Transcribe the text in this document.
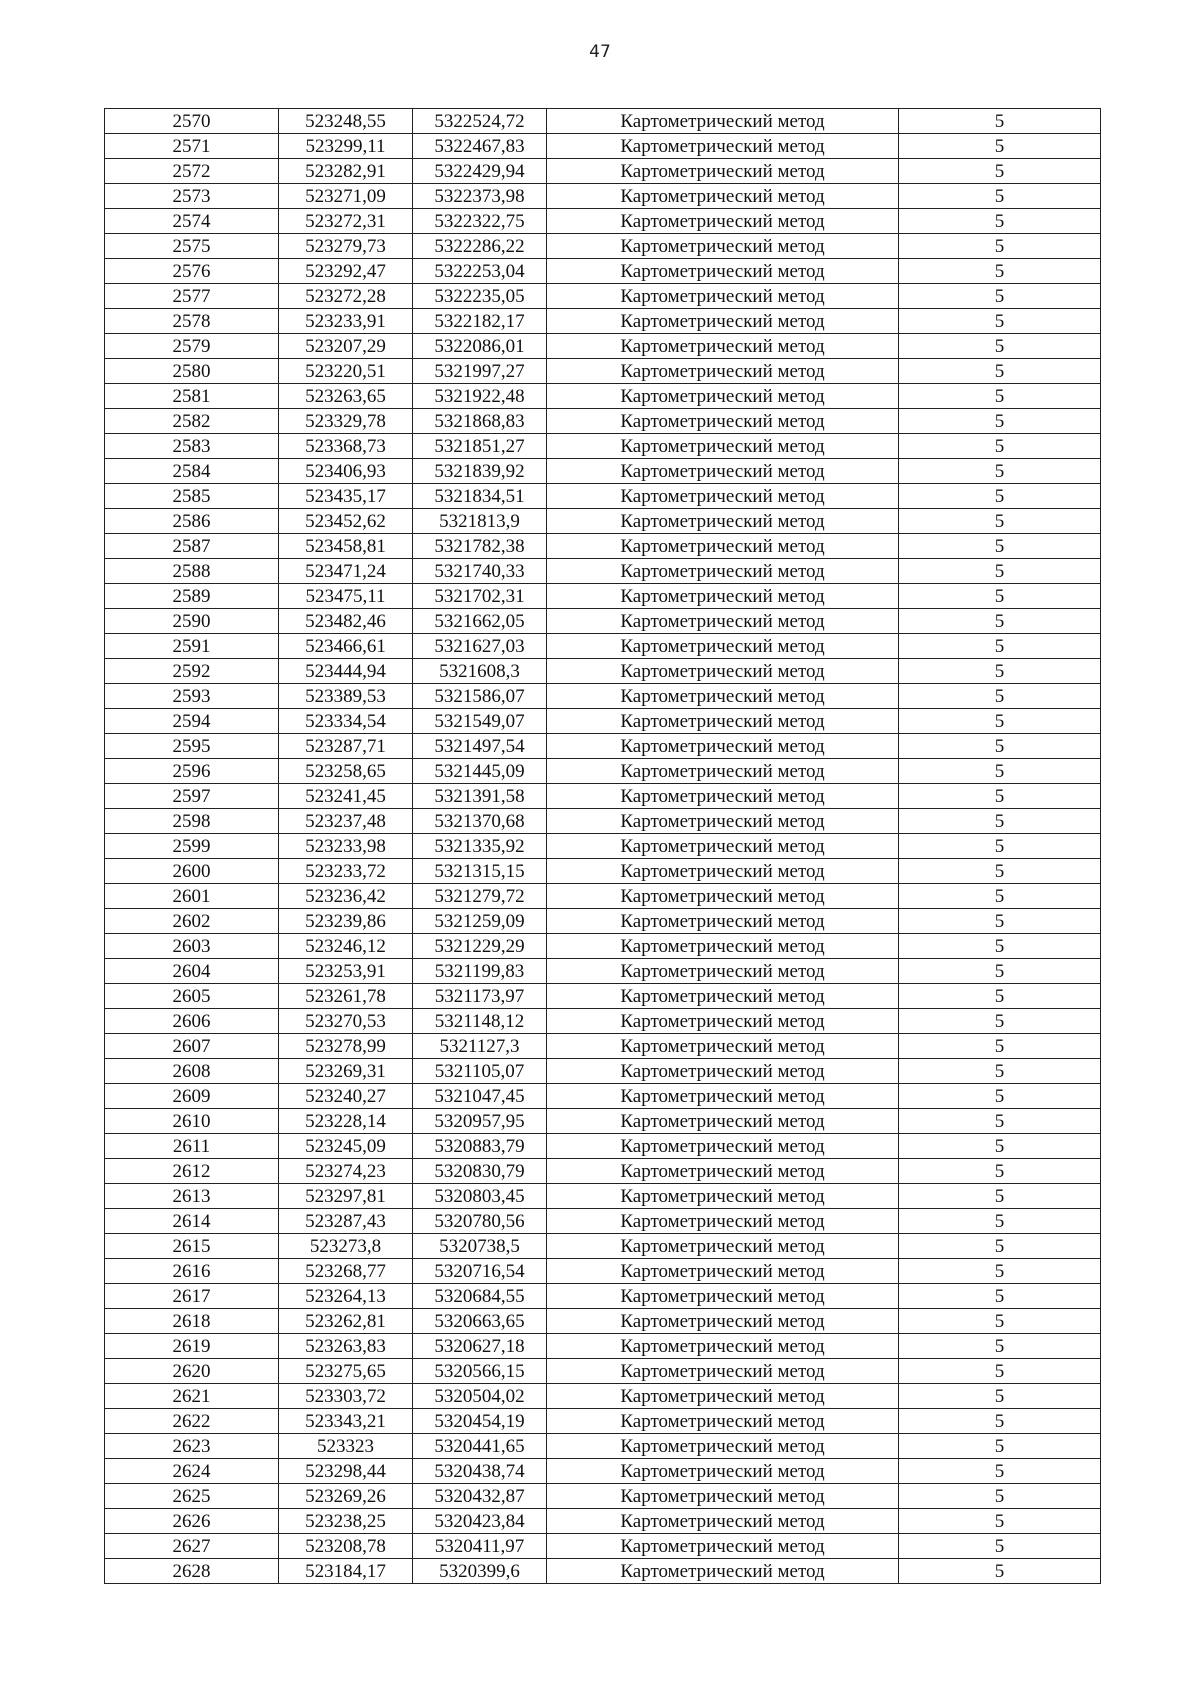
47
2570	523248,55	5322524,72	Картометрический метод	5
2571	523299,11	5322467,83	Картометрический метод	5
2572	523282,91	5322429,94	Картометрический метод	5
2573	523271,09	5322373,98	Картометрический метод	5
2574	523272,31	5322322,75	Картометрический метод	5
2575	523279,73	5322286,22	Картометрический метод	5
2576	523292,47	5322253,04	Картометрический метод	5
2577	523272,28	5322235,05	Картометрический метод	5
2578	523233,91	5322182,17	Картометрический метод	5
2579	523207,29	5322086,01	Картометрический метод	5
2580	523220,51	5321997,27	Картометрический метод	5
2581	523263,65	5321922,48	Картометрический метод	5
2582	523329,78	5321868,83	Картометрический метод	5
2583	523368,73	5321851,27	Картометрический метод	5
2584	523406,93	5321839,92	Картометрический метод	5
2585	523435,17	5321834,51	Картометрический метод	5
2586	523452,62	5321813,9	Картометрический метод	5
2587	523458,81	5321782,38	Картометрический метод	5
2588	523471,24	5321740,33	Картометрический метод	5
2589	523475,11	5321702,31	Картометрический метод	5
2590	523482,46	5321662,05	Картометрический метод	5
2591	523466,61	5321627,03	Картометрический метод	5
2592	523444,94	5321608,3	Картометрический метод	5
2593	523389,53	5321586,07	Картометрический метод	5
2594	523334,54	5321549,07	Картометрический метод	5
2595	523287,71	5321497,54	Картометрический метод	5
2596	523258,65	5321445,09	Картометрический метод	5
2597	523241,45	5321391,58	Картометрический метод	5
2598	523237,48	5321370,68	Картометрический метод	5
2599	523233,98	5321335,92	Картометрический метод	5
2600	523233,72	5321315,15	Картометрический метод	5
2601	523236,42	5321279,72	Картометрический метод	5
2602	523239,86	5321259,09	Картометрический метод	5
2603	523246,12	5321229,29	Картометрический метод	5
2604	523253,91	5321199,83	Картометрический метод	5
2605	523261,78	5321173,97	Картометрический метод	5
2606	523270,53	5321148,12	Картометрический метод	5
2607	523278,99	5321127,3	Картометрический метод	5
2608	523269,31	5321105,07	Картометрический метод	5
2609	523240,27	5321047,45	Картометрический метод	5
2610	523228,14	5320957,95	Картометрический метод	5
2611	523245,09	5320883,79	Картометрический метод	5
2612	523274,23	5320830,79	Картометрический метод	5
2613	523297,81	5320803,45	Картометрический метод	5
2614	523287,43	5320780,56	Картометрический метод	5
2615	523273,8	5320738,5	Картометрический метод	5
2616	523268,77	5320716,54	Картометрический метод	5
2617	523264,13	5320684,55	Картометрический метод	5
2618	523262,81	5320663,65	Картометрический метод	5
2619	523263,83	5320627,18	Картометрический метод	5
2620	523275,65	5320566,15	Картометрический метод	5
2621	523303,72	5320504,02	Картометрический метод	5
2622	523343,21	5320454,19	Картометрический метод	5
2623	523323	5320441,65	Картометрический метод	5
2624	523298,44	5320438,74	Картометрический метод	5
2625	523269,26	5320432,87	Картометрический метод	5
2626	523238,25	5320423,84	Картометрический метод	5
2627	523208,78	5320411,97	Картометрический метод	5
2628	523184,17	5320399,6	Картометрический метод	5
